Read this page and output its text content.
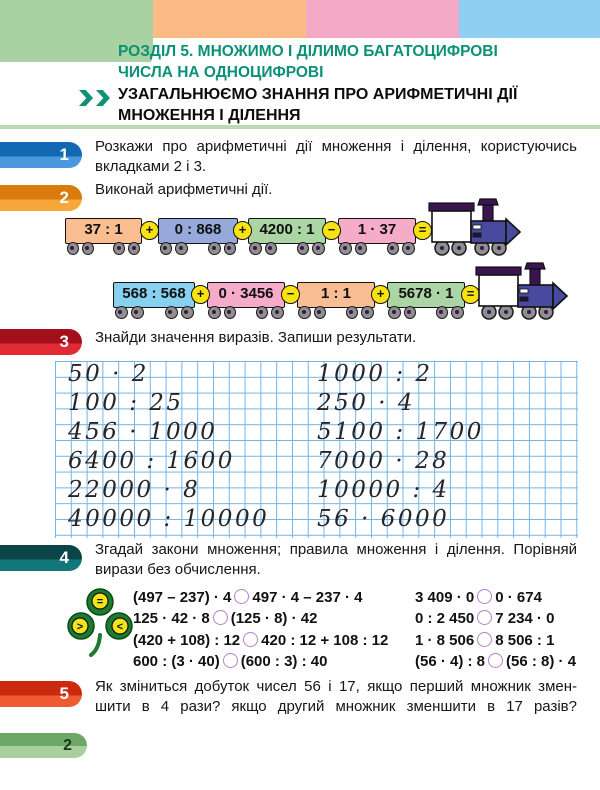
РОЗДІЛ 5. МНОЖИМО І ДІЛИМО БАГАТОЦИФРОВІ
ЧИСЛА НА ОДНОЦИФРОВІ
УЗАГАЛЬНЮЄМО ЗНАННЯ ПРО АРИФМЕТИЧНІ ДІЇ
МНОЖЕННЯ І ДІЛЕННЯ
1	Розкажи про арифметичні дії множення і ділення, користуючись
вкладками 2 і 3.
2	Виконай арифметичні дії.
37 : 1	0 : 868	4200 : 1	1 · 37
+	+	−	=
568 : 568	0 · 3456	1 : 1	5678 · 1
+	−	+	=
3	Знайди значення виразів. Запиши результати.
50 · 2
100 : 25
456 · 1000
6400 : 1600
22000 · 8
40000 : 10000
1000 : 2
250 · 4
5100 : 1700
7000 · 28
10000 : 4
56 · 6000
4	Згадай закони множення; правила множення і ділення. Порівняй
вирази без обчислення.
=
>	<
(497 – 237) · 4 497 · 4 – 237 · 4
125 · 42 · 8 (125 · 8) · 42
(420 + 108) : 12 420 : 12 + 108 : 12
600 : (3 · 40) (600 : 3) : 40
3 409 · 0 0 · 674
0 : 2 450 7 234 · 0
1 · 8 506 8 506 : 1
(56 · 4) : 8 (56 : 8) · 4
5	Як зміниться добуток чисел 56 і 17, якщо перший множник змен-
шити в 4 рази? якщо другий множник зменшити в 17 разів?
2
